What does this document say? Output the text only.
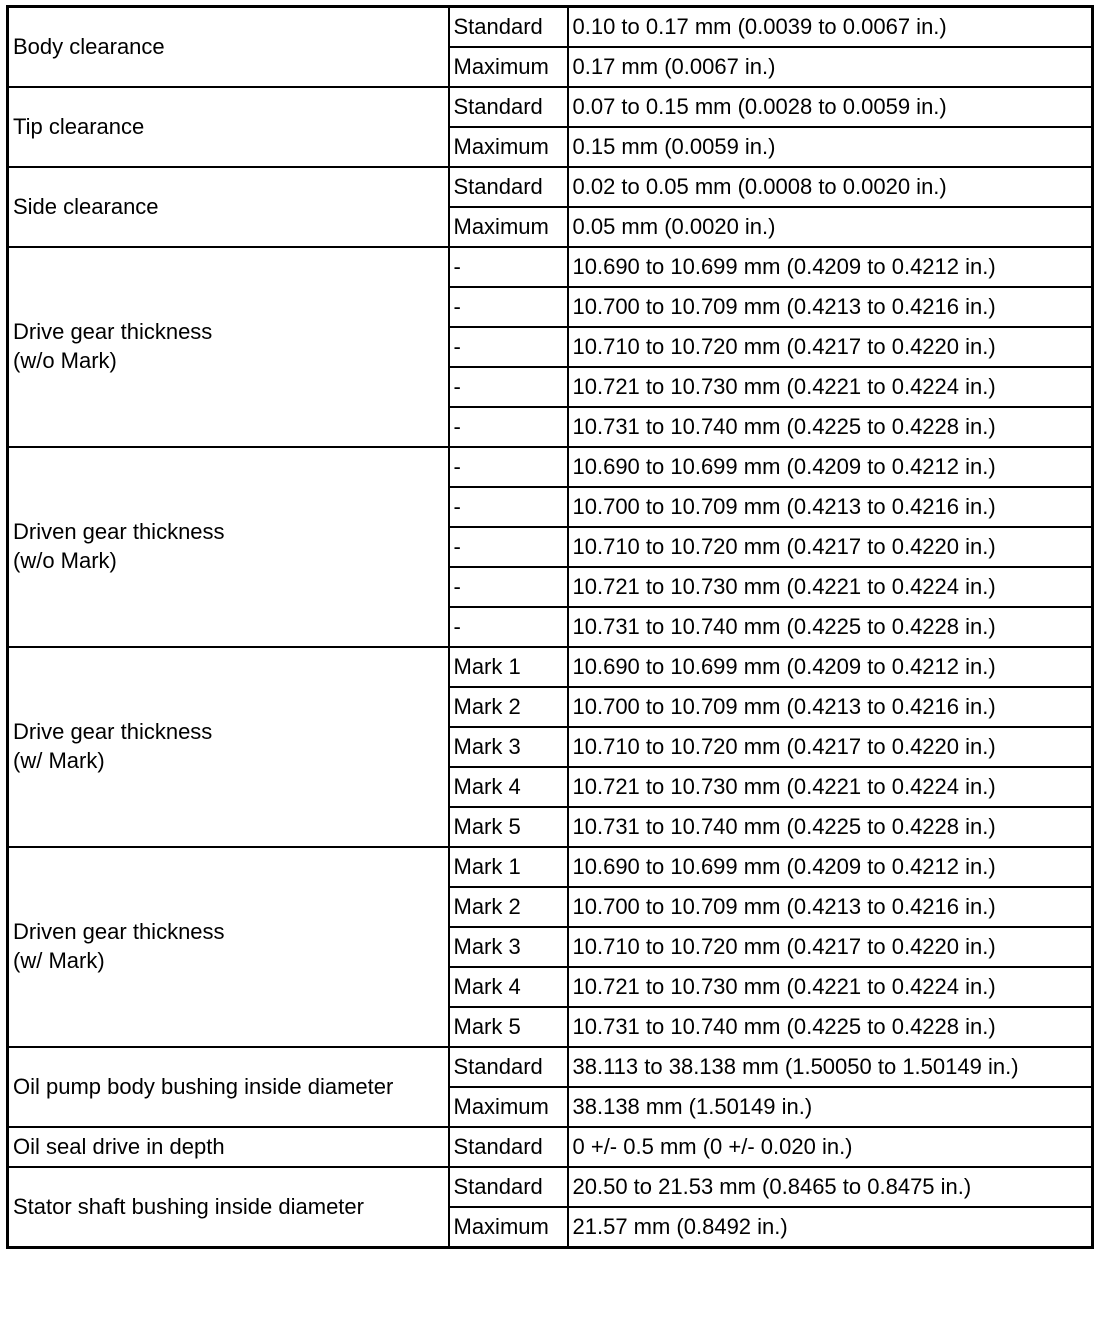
Body clearance	Standard	0.10 to 0.17 mm (0.0039 to 0.0067 in.)
	Maximum	0.17 mm (0.0067 in.)

Tip clearance	Standard	0.07 to 0.15 mm (0.0028 to 0.0059 in.)
	Maximum	0.15 mm (0.0059 in.)

Side clearance	Standard	0.02 to 0.05 mm (0.0008 to 0.0020 in.)
	Maximum	0.05 mm (0.0020 in.)

Drive gear thickness
(w/o Mark)	-	10.690 to 10.699 mm (0.4209 to 0.4212 in.)
	-	10.700 to 10.709 mm (0.4213 to 0.4216 in.)
	-	10.710 to 10.720 mm (0.4217 to 0.4220 in.)
	-	10.721 to 10.730 mm (0.4221 to 0.4224 in.)
	-	10.731 to 10.740 mm (0.4225 to 0.4228 in.)

Driven gear thickness
(w/o Mark)	-	10.690 to 10.699 mm (0.4209 to 0.4212 in.)
	-	10.700 to 10.709 mm (0.4213 to 0.4216 in.)
	-	10.710 to 10.720 mm (0.4217 to 0.4220 in.)
	-	10.721 to 10.730 mm (0.4221 to 0.4224 in.)
	-	10.731 to 10.740 mm (0.4225 to 0.4228 in.)

Drive gear thickness
(w/ Mark)	Mark 1	10.690 to 10.699 mm (0.4209 to 0.4212 in.)
	Mark 2	10.700 to 10.709 mm (0.4213 to 0.4216 in.)
	Mark 3	10.710 to 10.720 mm (0.4217 to 0.4220 in.)
	Mark 4	10.721 to 10.730 mm (0.4221 to 0.4224 in.)
	Mark 5	10.731 to 10.740 mm (0.4225 to 0.4228 in.)

Driven gear thickness
(w/ Mark)	Mark 1	10.690 to 10.699 mm (0.4209 to 0.4212 in.)
	Mark 2	10.700 to 10.709 mm (0.4213 to 0.4216 in.)
	Mark 3	10.710 to 10.720 mm (0.4217 to 0.4220 in.)
	Mark 4	10.721 to 10.730 mm (0.4221 to 0.4224 in.)
	Mark 5	10.731 to 10.740 mm (0.4225 to 0.4228 in.)

Oil pump body bushing inside diameter	Standard	38.113 to 38.138 mm (1.50050 to 1.50149 in.)
	Maximum	38.138 mm (1.50149 in.)

Oil seal drive in depth	Standard	0 +/- 0.5 mm (0 +/- 0.020 in.)

Stator shaft bushing inside diameter	Standard	20.50 to 21.53 mm (0.8465 to 0.8475 in.)
	Maximum	21.57 mm (0.8492 in.)
